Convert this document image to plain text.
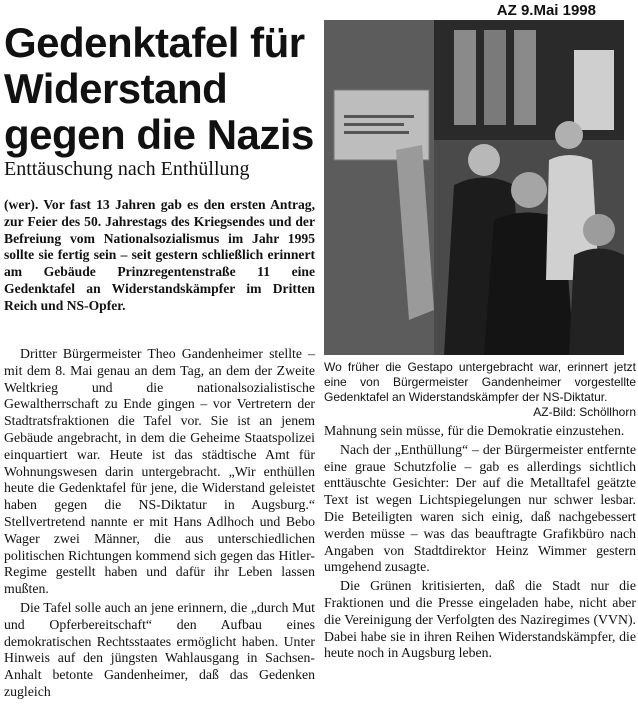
AZ 9.Mai 1998
Gedenktafel für Widerstand gegen die Nazis
Enttäuschung nach Enthüllung
(wer). Vor fast 13 Jahren gab es den ersten Antrag, zur Feier des 50. Jahrestags des Kriegsendes und der Befreiung vom Nationalsozialismus im Jahr 1995 sollte sie fertig sein – seit gestern schließlich erinnert am Gebäude Prinzregentenstraße 11 eine Gedenktafel an Widerstandskämpfer im Dritten Reich und NS-Opfer.

Dritter Bürgermeister Theo Gandenheimer stellte – mit dem 8. Mai genau an dem Tag, an dem der Zweite Weltkrieg und die nationalsozialistische Gewaltherrschaft zu Ende gingen – vor Vertretern der Stadtratsfraktionen die Tafel vor. Sie ist an jenem Gebäude angebracht, in dem die Geheime Staatspolizei einquartiert war. Heute ist das städtische Amt für Wohnungswesen darin untergebracht. „Wir enthüllen heute die Gedenktafel für jene, die Widerstand geleistet haben gegen die NS-Diktatur in Augsburg.“ Stellvertretend nannte er mit Hans Adlhoch und Bebo Wager zwei Männer, die aus unterschiedlichen politischen Richtungen kommend sich gegen das Hitler-Regime gestellt haben und dafür ihr Leben lassen mußten.

Die Tafel solle auch an jene erinnern, die „durch Mut und Opferbereitschaft“ den Aufbau eines demokratischen Rechtsstaates ermöglicht haben. Unter Hinweis auf den jüngsten Wahlausgang in Sachsen-Anhalt betonte Gandenheimer, daß das Gedenken zugleich

Wo früher die Gestapo untergebracht war, erinnert jetzt eine von Bürgermeister Gandenheimer vorgestellte Gedenktafel an Widerstandskämpfer der NS-Diktatur.
AZ-Bild: Schöllhorn

Mahnung sein müsse, für die Demokratie einzustehen.

Nach der „Enthüllung“ – der Bürgermeister entfernte eine graue Schutzfolie – gab es allerdings sichtlich enttäuschte Gesichter: Der auf die Metalltafel geätzte Text ist wegen Lichtspiegelungen nur schwer lesbar. Die Beteiligten waren sich einig, daß nachgebessert werden müsse – was das beauftragte Grafikbüro nach Angaben von Stadtdirektor Heinz Wimmer gestern umgehend zusagte.

Die Grünen kritisierten, daß die Stadt nur die Fraktionen und die Presse eingeladen habe, nicht aber die Vereinigung der Verfolgten des Naziregimes (VVN). Dabei habe sie in ihren Reihen Widerstandskämpfer, die heute noch in Augsburg leben.
